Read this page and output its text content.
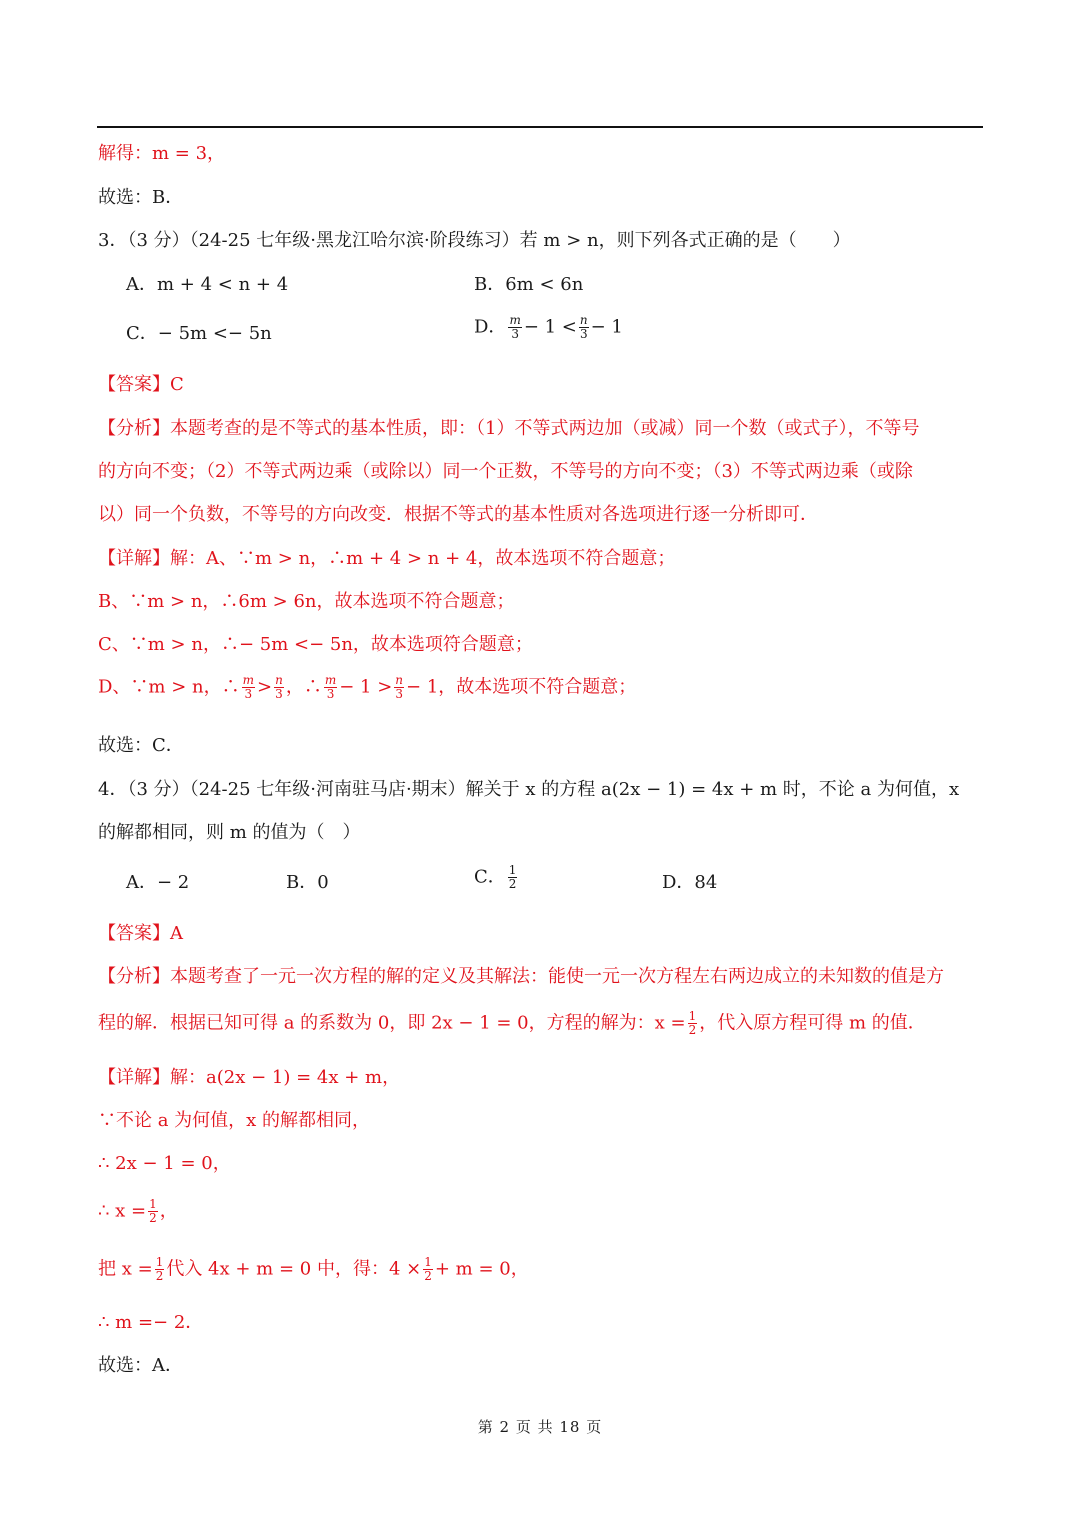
解得：m = 3，
故选：B．
3．（3 分）（24-25 七年级·黑龙江哈尔滨·阶段练习）若 m > n，则下列各式正确的是（　　）
A．m + 4 < n + 4	B．6m < 6n
C．− 5m <− 5n	D． $\frac{m}{3} - 1 < \frac{n}{3} - 1$
【答案】C
【分析】本题考查的是不等式的基本性质，即：（1）不等式两边加（或减）同一个数（或式子），不等号
的方向不变；（2）不等式两边乘（或除以）同一个正数，不等号的方向不变；（3）不等式两边乘（或除
以）同一个负数，不等号的方向改变．根据不等式的基本性质对各选项进行逐一分析即可．
【详解】解：A、∵m > n，∴m + 4 > n + 4，故本选项不符合题意；
B、∵m > n，∴6m > 6n，故本选项不符合题意；
C、∵m > n，∴− 5m <− 5n，故本选项符合题意；
D、∵m > n，∴ $\frac{m}{3} > \frac{n}{3}$ ，∴ $\frac{m}{3} - 1 > \frac{n}{3} - 1$，故本选项不符合题意；
故选：C．
4．（3 分）（24-25 七年级·河南驻马店·期末）解关于 x 的方程 a(2x − 1) = 4x + m 时，不论 a 为何值，x
的解都相同，则 m 的值为（　）
A．− 2	B．0	C． $\frac{1}{2}$	D．84
【答案】A
【分析】本题考查了一元一次方程的解的定义及其解法：能使一元一次方程左右两边成立的未知数的值是方
程的解．根据已知可得 a 的系数为 0，即 2x − 1 = 0，方程的解为：$x = \frac{1}{2}$ ，代入原方程可得 m 的值．
【详解】解：a(2x − 1) = 4x + m，
∵不论 a 为何值，x 的解都相同，
∴ 2x − 1 = 0，
∴ $x = \frac{1}{2}$ ，
把 $x = \frac{1}{2}$ 代入 4x + m = 0 中，得：$4 \times \frac{1}{2} + m = 0$，
∴ m =− 2．
故选：A．
第 2 页 共 18 页
